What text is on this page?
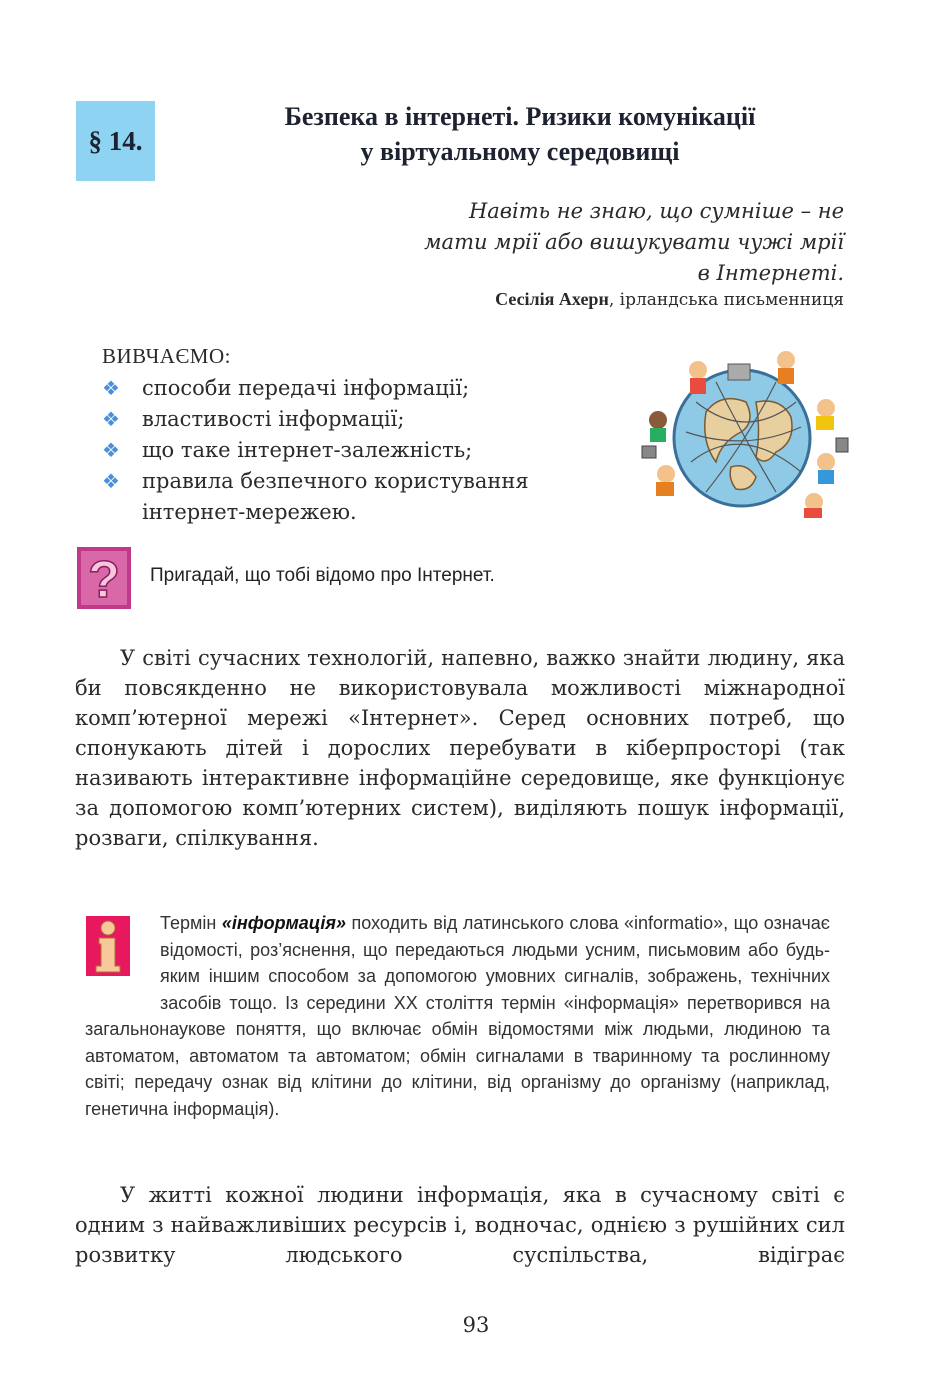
§ 14.
Безпека в інтернеті. Ризики комунікації
у віртуальному середовищі
Навіть не знаю, що сумніше – не
мати мрії або вишукувати чужі мрії
в Інтернеті.
Сесілія Ахерн, ірландська письменниця
ВИВЧАЄМО:
❖	способи передачі інформації;
❖	властивості інформації;
❖	що таке інтернет-залежність;
❖	правила безпечного користування інтернет-мережею.
? Пригадай, що тобі відомо про Інтернет.

У світі сучасних технологій, напевно, важко знайти людину, яка би повсякденно не використовувала можливості міжнародної комп’ютерної мережі «Інтернет». Серед основних потреб, що спонукають дітей і дорослих перебувати в кіберпросторі (так називають інтерактивне інформаційне середовище, яке функціонує за допомогою комп’ютерних систем), виділяють пошук інформації, розваги, спілкування.

Термін «інформація» походить від латинського слова «informatio», що означає відомості, роз’яснення, що передаються людьми усним, письмовим або будь-яким іншим способом за допомогою умовних сигналів, зображень, технічних засобів тощо. Із середини ХХ століття термін «інформація» перетворився на загальнонаукове поняття, що включає обмін відомостями між людьми, людиною та автоматом, автоматом та автоматом; обмін сигналами в тваринному та рослинному світі; передачу ознак від клітини до клітини, від організму до організму (наприклад, генетична інформація).

У житті кожної людини інформація, яка в сучасному світі є одним з найважливіших ресурсів і, водночас, однією з рушійних сил розвитку людського суспільства, відіграє

93
